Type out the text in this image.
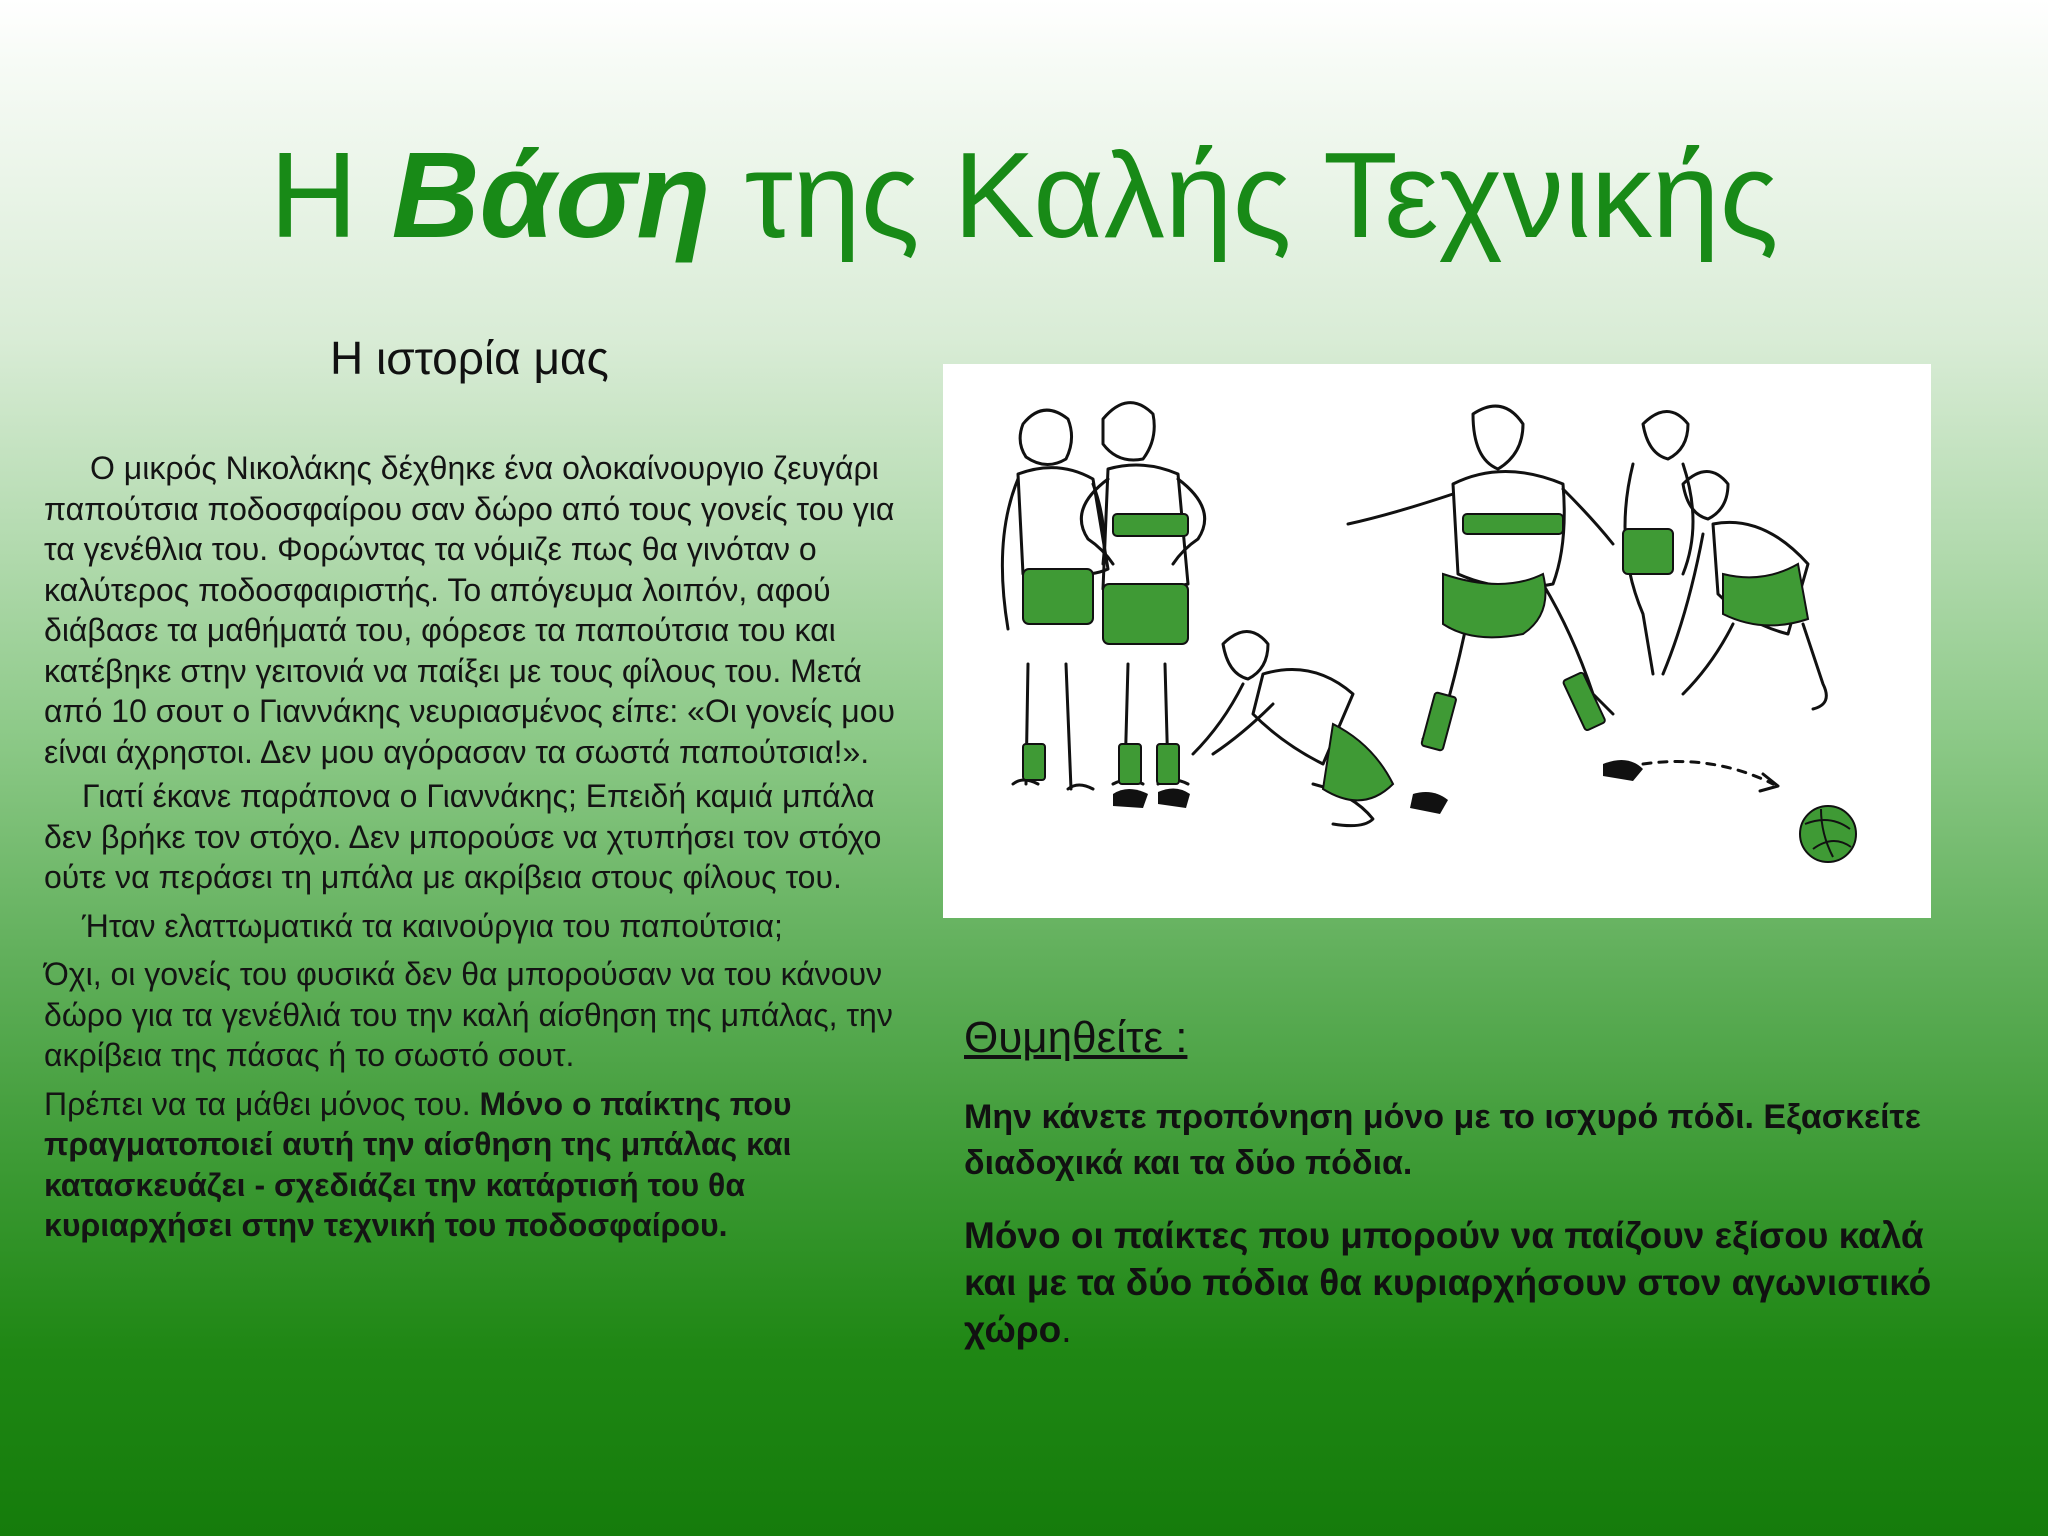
Η Βάση της Καλής Τεχνικής
Η ιστορία μας

Ο μικρός Νικολάκης δέχθηκε ένα ολοκαίνουργιο ζευγάρι παπούτσια ποδοσφαίρου σαν δώρο από τους γονείς του για τα γενέθλια του. Φορώντας τα νόμιζε πως θα γινόταν ο καλύτερος ποδοσφαιριστής. Το απόγευμα λοιπόν, αφού διάβασε τα μαθήματά του, φόρεσε τα παπούτσια του και κατέβηκε στην γειτονιά να παίξει με τους φίλους του. Μετά από 10 σουτ ο Γιαννάκης νευριασμένος είπε: «Οι γονείς μου είναι άχρηστοι. Δεν μου αγόρασαν τα σωστά παπούτσια!».

Γιατί έκανε παράπονα ο Γιαννάκης; Επειδή καμιά μπάλα δεν βρήκε τον στόχο. Δεν μπορούσε να χτυπήσει τον στόχο ούτε να περάσει τη μπάλα με ακρίβεια στους φίλους του.

Ήταν ελαττωματικά τα καινούργια του παπούτσια;

Όχι, οι γονείς του φυσικά δεν θα μπορούσαν να του κάνουν δώρο για τα γενέθλιά του την καλή αίσθηση της μπάλας, την ακρίβεια της πάσας ή το σωστό σουτ.

Πρέπει να τα μάθει μόνος του. Μόνο ο παίκτης που πραγματοποιεί αυτή την αίσθηση της μπάλας και κατασκευάζει - σχεδιάζει την κατάρτισή του θα κυριαρχήσει στην τεχνική του ποδοσφαίρου.

Θυμηθείτε :

Μην κάνετε προπόνηση μόνο με το ισχυρό πόδι. Εξασκείτε διαδοχικά και τα δύο πόδια.

Μόνο οι παίκτες που μπορούν να παίζουν εξίσου καλά και με τα δύο πόδια θα κυριαρχήσουν στον αγωνιστικό χώρο.
